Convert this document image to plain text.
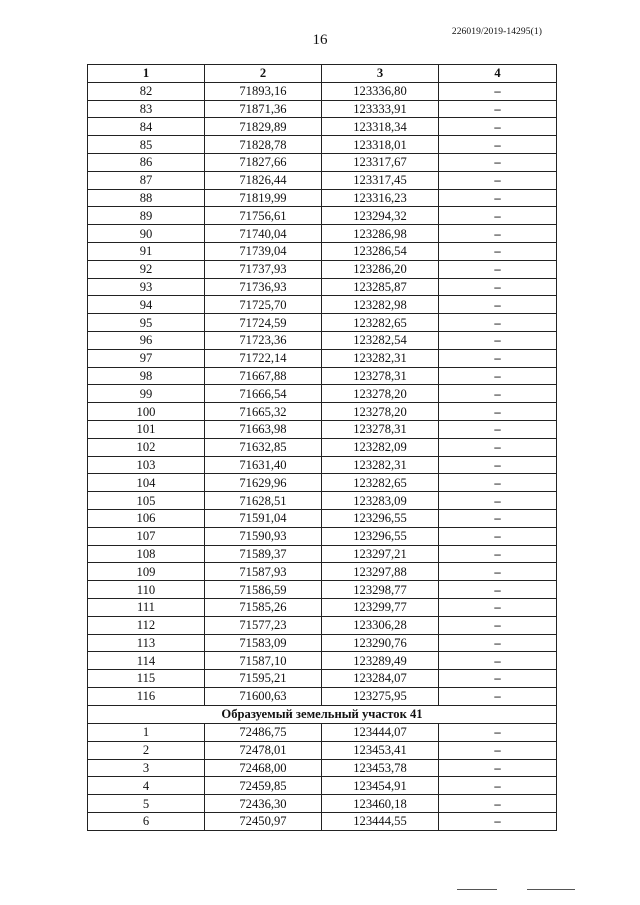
16	226019/2019-14295(1)
1	2	3	4
82	71893,16	123336,80	–
83	71871,36	123333,91	–
84	71829,89	123318,34	–
85	71828,78	123318,01	–
86	71827,66	123317,67	–
87	71826,44	123317,45	–
88	71819,99	123316,23	–
89	71756,61	123294,32	–
90	71740,04	123286,98	–
91	71739,04	123286,54	–
92	71737,93	123286,20	–
93	71736,93	123285,87	–
94	71725,70	123282,98	–
95	71724,59	123282,65	–
96	71723,36	123282,54	–
97	71722,14	123282,31	–
98	71667,88	123278,31	–
99	71666,54	123278,20	–
100	71665,32	123278,20	–
101	71663,98	123278,31	–
102	71632,85	123282,09	–
103	71631,40	123282,31	–
104	71629,96	123282,65	–
105	71628,51	123283,09	–
106	71591,04	123296,55	–
107	71590,93	123296,55	–
108	71589,37	123297,21	–
109	71587,93	123297,88	–
110	71586,59	123298,77	–
111	71585,26	123299,77	–
112	71577,23	123306,28	–
113	71583,09	123290,76	–
114	71587,10	123289,49	–
115	71595,21	123284,07	–
116	71600,63	123275,95	–
Образуемый земельный участок 41			
1	72486,75	123444,07	–
2	72478,01	123453,41	–
3	72468,00	123453,78	–
4	72459,85	123454,91	–
5	72436,30	123460,18	–
6	72450,97	123444,55	–
